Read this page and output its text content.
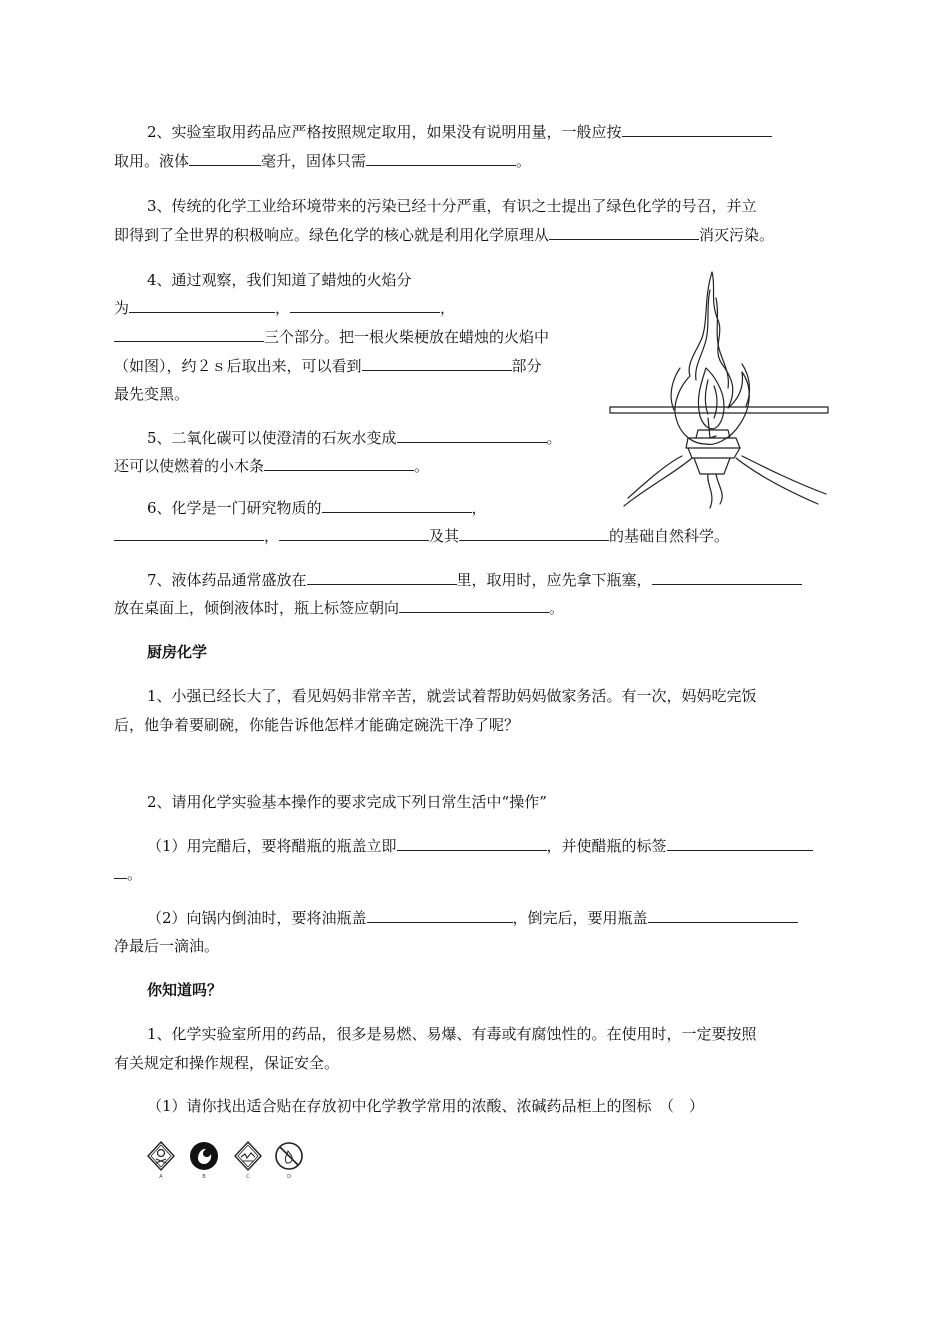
2、实验室取用药品应严格按照规定取用，如果没有说明用量，一般应按
取用。液体	毫升，固体只需	。
3、传统的化学工业给环境带来的污染已经十分严重，有识之士提出了绿色化学的号召，并立
即得到了全世界的积极响应。绿色化学的核心就是利用化学原理从	消灭污染。
4、通过观察，我们知道了蜡烛的火焰分
为	，	，
三个部分。把一根火柴梗放在蜡烛的火焰中
（如图），约２ｓ后取出来，可以看到	部分
最先变黑。
5、二氧化碳可以使澄清的石灰水变成	。
还可以使燃着的小木条	。
6、化学是一门研究物质的	，
，	及其	的基础自然科学。
7、液体药品通常盛放在	里，取用时，应先拿下瓶塞，
放在桌面上，倾倒液体时，瓶上标签应朝向	。
厨房化学
1、小强已经长大了，看见妈妈非常辛苦，就尝试着帮助妈妈做家务活。有一次，妈妈吃完饭
后，他争着要刷碗，你能告诉他怎样才能确定碗洗干净了呢？
2、请用化学实验基本操作的要求完成下列日常生活中“操作”
（1）用完醋后，要将醋瓶的瓶盖立即	，并使醋瓶的标签
。
（2）向锅内倒油时，要将油瓶盖	，倒完后，要用瓶盖
净最后一滴油。
你知道吗？
1、化学实验室所用的药品，很多是易燃、易爆、有毒或有腐蚀性的。在使用时，一定要按照
有关规定和操作规程，保证安全。
（1）请你找出适合贴在存放初中化学教学常用的浓酸、浓碱药品柜上的图标　（　）
A	B	C	D
